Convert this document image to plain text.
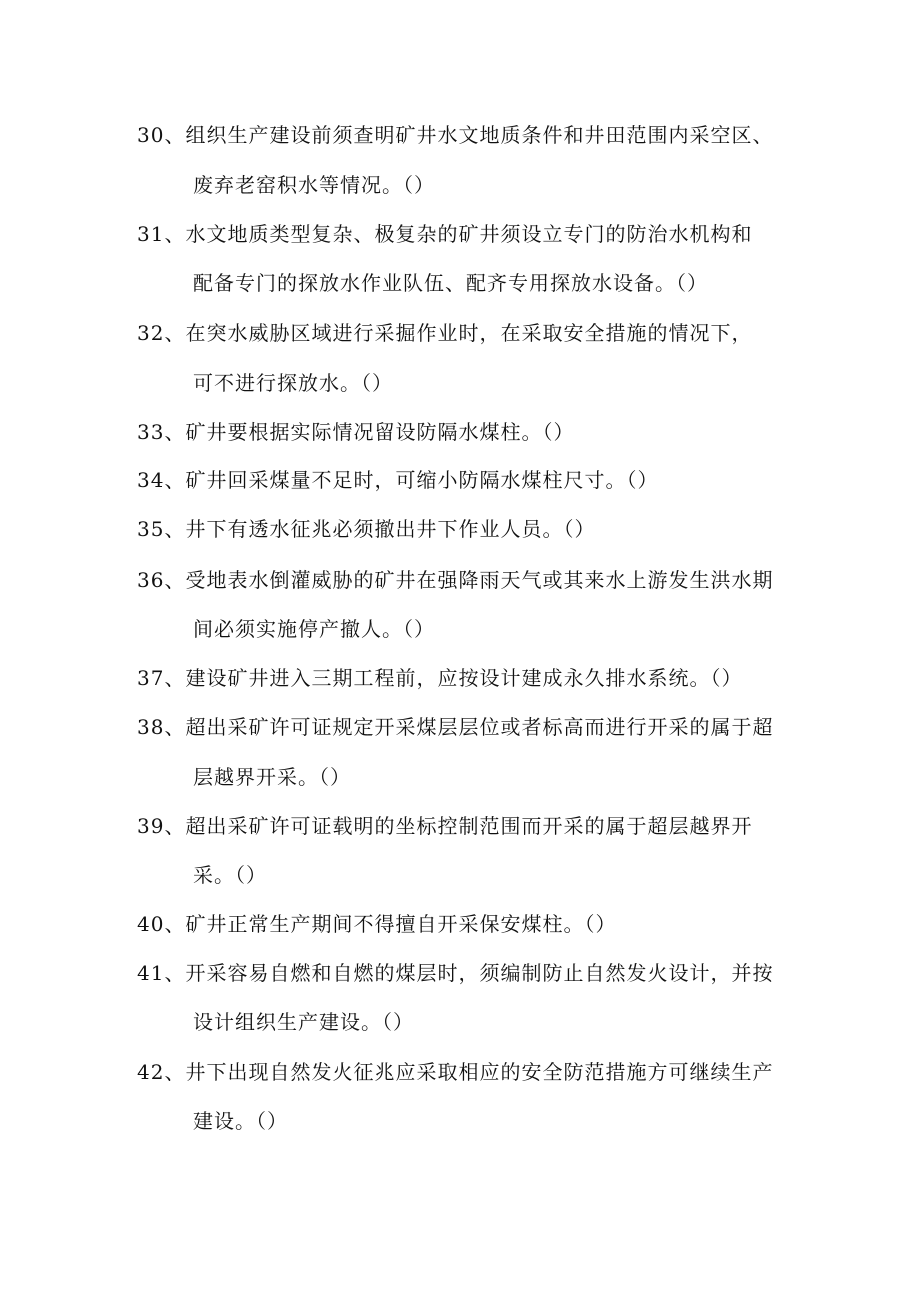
30、组织生产建设前须查明矿井水文地质条件和井田范围内采空区、
废弃老窑积水等情况。（）
31、水文地质类型复杂、极复杂的矿井须设立专门的防治水机构和
配备专门的探放水作业队伍、配齐专用探放水设备。（）
32、在突水威胁区域进行采掘作业时，在采取安全措施的情况下，
可不进行探放水。（）
33、矿井要根据实际情况留设防隔水煤柱。（）
34、矿井回采煤量不足时，可缩小防隔水煤柱尺寸。（）
35、井下有透水征兆必须撤出井下作业人员。（）
36、受地表水倒灌威胁的矿井在强降雨天气或其来水上游发生洪水期
间必须实施停产撤人。（）
37、建设矿井进入三期工程前，应按设计建成永久排水系统。（）
38、超出采矿许可证规定开采煤层层位或者标高而进行开采的属于超
层越界开采。（）
39、超出采矿许可证载明的坐标控制范围而开采的属于超层越界开
采。（）
40、矿井正常生产期间不得擅自开采保安煤柱。（）
41、开采容易自燃和自燃的煤层时，须编制防止自然发火设计，并按
设计组织生产建设。（）
42、井下出现自然发火征兆应采取相应的安全防范措施方可继续生产
建设。（）
